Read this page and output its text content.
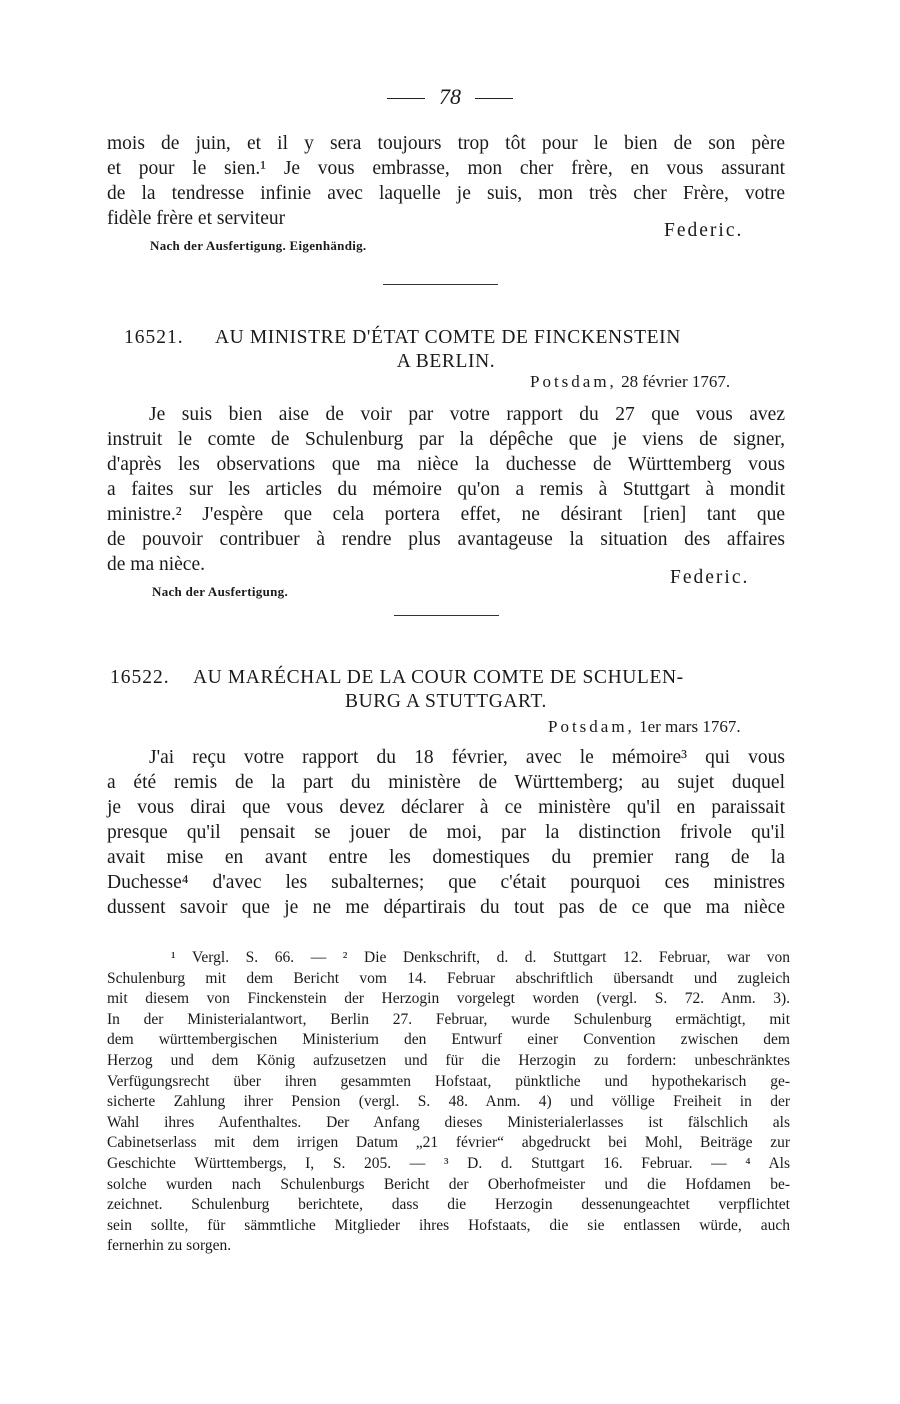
78
mois de juin, et il y sera toujours trop tôt pour le bien de son père
et pour le sien.¹ Je vous embrasse, mon cher frère, en vous assurant
de la tendresse infinie avec laquelle je suis, mon très cher Frère, votre
fidèle frère et serviteur
Federic.
Nach der Ausfertigung. Eigenhändig.
16521. AU MINISTRE D'ÉTAT COMTE DE FINCKENSTEIN
A BERLIN.
Potsdam, 28 février 1767.
Je suis bien aise de voir par votre rapport du 27 que vous avez
instruit le comte de Schulenburg par la dépêche que je viens de signer,
d'après les observations que ma nièce la duchesse de Württemberg vous
a faites sur les articles du mémoire qu'on a remis à Stuttgart à mondit
ministre.² J'espère que cela portera effet, ne désirant [rien] tant que
de pouvoir contribuer à rendre plus avantageuse la situation des affaires
de ma nièce.
Federic.
Nach der Ausfertigung.
16522. AU MARÉCHAL DE LA COUR COMTE DE SCHULEN-
BURG A STUTTGART.
Potsdam, 1er mars 1767.
J'ai reçu votre rapport du 18 février, avec le mémoire³ qui vous
a été remis de la part du ministère de Württemberg; au sujet duquel
je vous dirai que vous devez déclarer à ce ministère qu'il en paraissait
presque qu'il pensait se jouer de moi, par la distinction frivole qu'il
avait mise en avant entre les domestiques du premier rang de la
Duchesse⁴ d'avec les subalternes; que c'était pourquoi ces ministres
dussent savoir que je ne me départirais du tout pas de ce que ma nièce
¹ Vergl. S. 66. — ² Die Denkschrift, d. d. Stuttgart 12. Februar, war von
Schulenburg mit dem Bericht vom 14. Februar abschriftlich übersandt und zugleich
mit diesem von Finckenstein der Herzogin vorgelegt worden (vergl. S. 72. Anm. 3).
In der Ministerialantwort, Berlin 27. Februar, wurde Schulenburg ermächtigt, mit
dem württembergischen Ministerium den Entwurf einer Convention zwischen dem
Herzog und dem König aufzusetzen und für die Herzogin zu fordern: unbeschränktes
Verfügungsrecht über ihren gesammten Hofstaat, pünktliche und hypothekarisch ge-
sicherte Zahlung ihrer Pension (vergl. S. 48. Anm. 4) und völlige Freiheit in der
Wahl ihres Aufenthaltes. Der Anfang dieses Ministerialerlasses ist fälschlich als
Cabinetserlass mit dem irrigen Datum „21 février“ abgedruckt bei Mohl, Beiträge zur
Geschichte Württembergs, I, S. 205. — ³ D. d. Stuttgart 16. Februar. — ⁴ Als
solche wurden nach Schulenburgs Bericht der Oberhofmeister und die Hofdamen be-
zeichnet. Schulenburg berichtete, dass die Herzogin dessenungeachtet verpflichtet
sein sollte, für sämmtliche Mitglieder ihres Hofstaats, die sie entlassen würde, auch
fernerhin zu sorgen.
